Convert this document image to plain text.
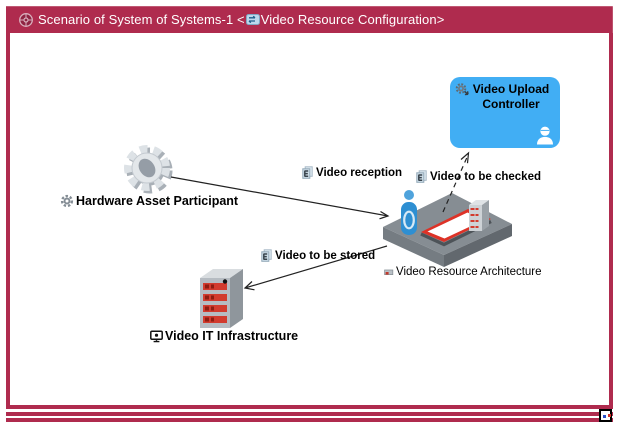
Scenario of System of Systems-1 < Video Resource Configuration>
Hardware Asset Participant
Video Upload Controller
Video Resource Architecture
Video IT Infrastructure
Video reception Video to be checked
Video to be stored
